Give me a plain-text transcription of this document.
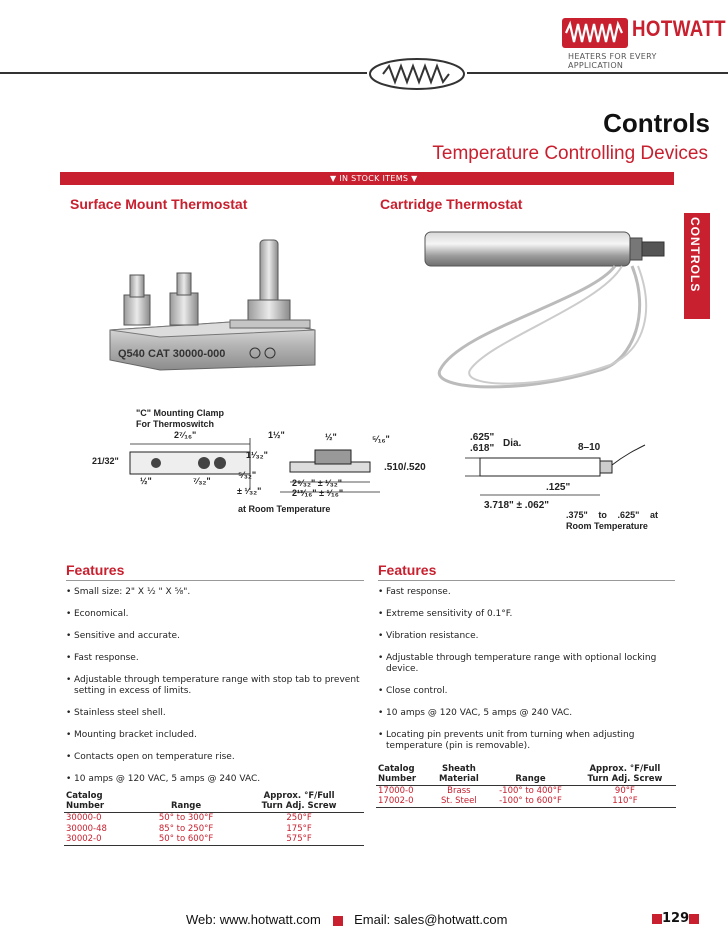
HOTWATT
HEATERS FOR EVERY APPLICATION
Controls
Temperature Controlling Devices
▼ IN STOCK ITEMS ▼
CONTROLS
Surface Mount Thermostat	Cartridge Thermostat
Q540 CAT 30000-000
"C" Mounting Clamp
For Thermoswitch
2⁷⁄₁₆"	1½"	½"	⁵⁄₁₆"
21/32"
1¹⁄₃₂"
⁵⁄₃₂"
½"	⁷⁄₃₂"
± ¹⁄₃₂"
2⁹⁄₃₂" ± ¹⁄₃₂"
2¹³⁄₁₆" ± ¹⁄₁₆"
.510/.520
at Room Temperature
.625"
.618" Dia.	8–10
.125"
3.718" ± .062"
.375" to .625" at Room Temperature
Features
• Small size: 2" X ½ " X ⅝".
• Economical.
• Sensitive and accurate.
• Fast response.
• Adjustable through temperature range with stop tab to prevent setting in excess of limits.
• Stainless steel shell.
• Mounting bracket included.
• Contacts open on temperature rise.
• 10 amps @ 120 VAC, 5 amps @ 240 VAC.
Catalog		Approx. °F/Full
Number	Range	Turn Adj. Screw
30000-0	50° to 300°F	250°F
30000-48	85° to 250°F	175°F
30002-0	50° to 600°F	575°F
Features
• Fast response.
• Extreme sensitivity of 0.1°F.
• Vibration resistance.
• Adjustable through temperature range with optional locking device.
• Close control.
• 10 amps @ 120 VAC, 5 amps @ 240 VAC.
• Locating pin prevents unit from turning when adjusting temperature (pin is removable).
Catalog	Sheath		Approx. °F/Full
Number	Material	Range	Turn Adj. Screw
17000-0	Brass	-100° to 400°F	90°F
17002-0	St. Steel	-100° to 600°F	110°F
Web: www.hotwatt.com	Email: sales@hotwatt.com	129
